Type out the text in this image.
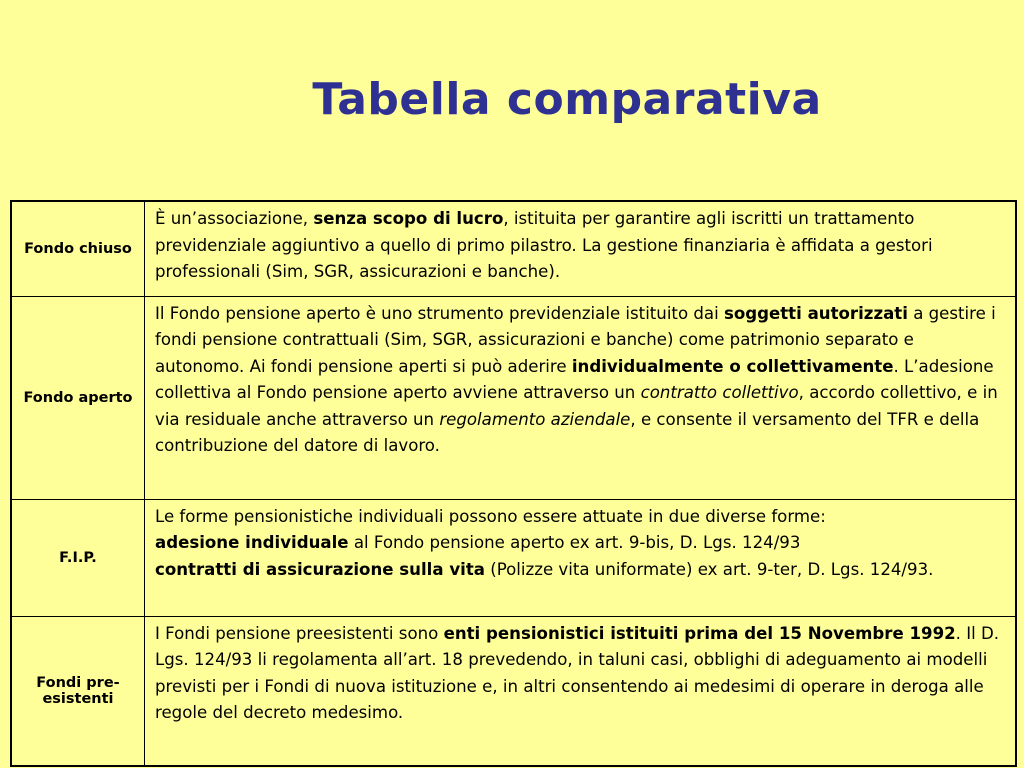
Tabella comparativa
Fondo chiuso	È un’associazione, senza scopo di lucro, istituita per garantire agli iscritti un trattamento previdenziale aggiuntivo a quello di primo pilastro. La gestione finanziaria è affidata a gestori professionali (Sim, SGR, assicurazioni e banche).
Fondo aperto	Il Fondo pensione aperto è uno strumento previdenziale istituito dai soggetti autorizzati a gestire i fondi pensione contrattuali (Sim, SGR, assicurazioni e banche) come patrimonio separato e autonomo. Ai fondi pensione aperti si può aderire individualmente o collettivamente. L’adesione collettiva al Fondo pensione aperto avviene attraverso un contratto collettivo, accordo collettivo, e in via residuale anche attraverso un regolamento aziendale, e consente il versamento del TFR e della contribuzione del datore di lavoro.
F.I.P.	Le forme pensionistiche individuali possono essere attuate in due diverse forme:
adesione individuale al Fondo pensione aperto ex art. 9-bis, D. Lgs. 124/93
contratti di assicurazione sulla vita (Polizze vita uniformate) ex art. 9-ter, D. Lgs. 124/93.
Fondi pre-esistenti	I Fondi pensione preesistenti sono enti pensionistici istituiti prima del 15 Novembre 1992. Il D. Lgs. 124/93 li regolamenta all’art. 18 prevedendo, in taluni casi, obblighi di adeguamento ai modelli previsti per i Fondi di nuova istituzione e, in altri consentendo ai medesimi di operare in deroga alle regole del decreto medesimo.
